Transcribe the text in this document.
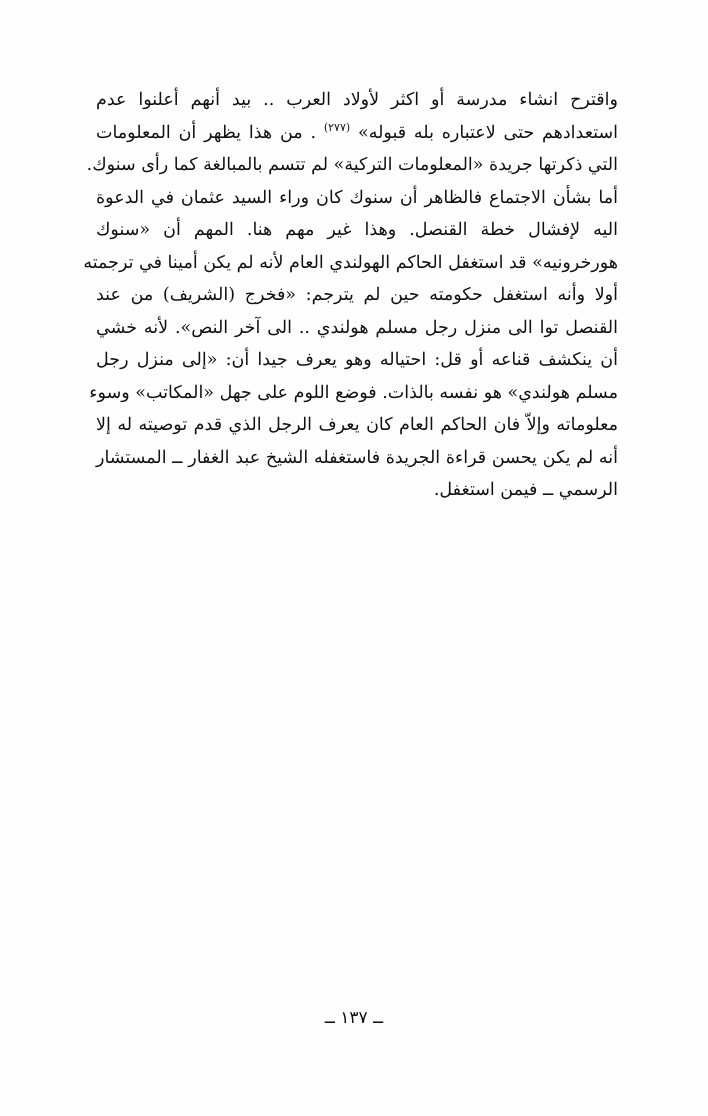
واقترح انشاء مدرسة أو اكثر لأولاد العرب .. بيد أنهم أعلنوا عدم
استعدادهم حتى لاعتباره بله قبوله» $^{(٢٧٧)}$ . من هذا يظهر أن المعلومات
التي ذكرتها جريدة «المعلومات التركية» لم تتسم بالمبالغة كما رأى سنوك.
أما بشأن الاجتماع فالظاهر أن سنوك كان وراء السيد عثمان في الدعوة
اليه لإفشال خطة القنصل. وهذا غير مهم هنا. المهم أن «سنوك
هورخرونيه» قد استغفل الحاكم الهولندي العام لأنه لم يكن أمينا في ترجمته
أولا وأنه استغفل حكومته حين لم يترجم: «فخرج (الشريف) من عند
القنصل توا الى منزل رجل مسلم هولندي .. الى آخر النص». لأنه خشي
أن ينكشف قناعه أو قل: احتياله وهو يعرف جيدا أن: «إلى منزل رجل
مسلم هولندي» هو نفسه بالذات. فوضع اللوم على جهل «المكاتب» وسوء
معلوماته وإلاّ فان الحاكم العام كان يعرف الرجل الذي قدم توصيته له إلا
أنه لم يكن يحسن قراءة الجريدة فاستغفله الشيخ عبد الغفار ــ المستشار
الرسمي ــ فيمن استغفل.
ــ ١٣٧ ــ
